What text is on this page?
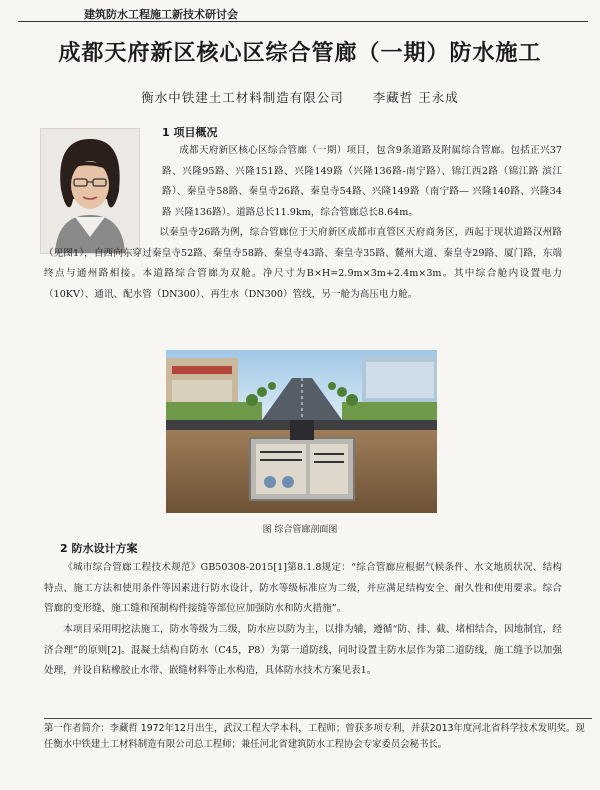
建筑防水工程施工新技术研讨会
成都天府新区核心区综合管廊（一期）防水施工
衡水中铁建土工材料制造有限公司 李藏哲 王永成
1 项目概况

成都天府新区核心区综合管廊（一期）项目，包含9条道路及附属综合管廊。包括正兴37路、兴隆95路、兴隆151路、兴隆149路（兴隆136路-南宁路）、锦江西2路（锦江路 滨江路）、秦皇寺58路、秦皇寺26路、秦皇寺54路、兴隆149路（南宁路— 兴隆140路、兴隆34路 兴隆136路）。道路总长11.9km，综合管廊总长8.64m。

以秦皇寺26路为例，综合管廊位于天府新区成都市直管区天府商务区，西起于现状道路汉州路（见图1），自西向东穿过秦皇寺52路、秦皇寺58路、秦皇寺43路、秦皇寺35路、麓州大道、秦皇寺29路、厦门路，东端终点与通州路相接。本道路综合管廊为双舱。净尺寸为B×H=2.9m×3m+2.4m×3m。其中综合舱内设置电力（10KV）、通讯、配水管（DN300）、再生水（DN300）管线，另一舱为高压电力舱。

图 综合管廊剖面图
2 防水设计方案

《城市综合管廊工程技术规范》GB50308-2015[1]第8.1.8规定：“综合管廊应根据气候条件、水文地质状况、结构特点、施工方法和使用条件等因素进行防水设计，防水等级标准应为二级，并应满足结构安全、耐久性和使用要求。综合管廊的变形缝、施工缝和预制构件接缝等部位应加强防水和防火措施”。

本项目采用明挖法施工，防水等级为二级，防水应以防为主，以排为辅，遵循“防、排、截、堵相结合，因地制宜，经济合理”的原则[2]。混凝土结构自防水（C45，P8）为第一道防线，同时设置主防水层作为第二道防线，施工缝予以加强处理，并设自粘橡胶止水带、嵌缝材料等止水构造，具体防水技术方案见表1。

第一作者简介：李藏哲 1972年12月出生，武汉工程大学本科，工程师；曾获多项专利，并获2013年度河北省科学技术发明奖。现任衡水中铁建土工材料制造有限公司总工程师；兼任河北省建筑防水工程协会专家委员会秘书长。
